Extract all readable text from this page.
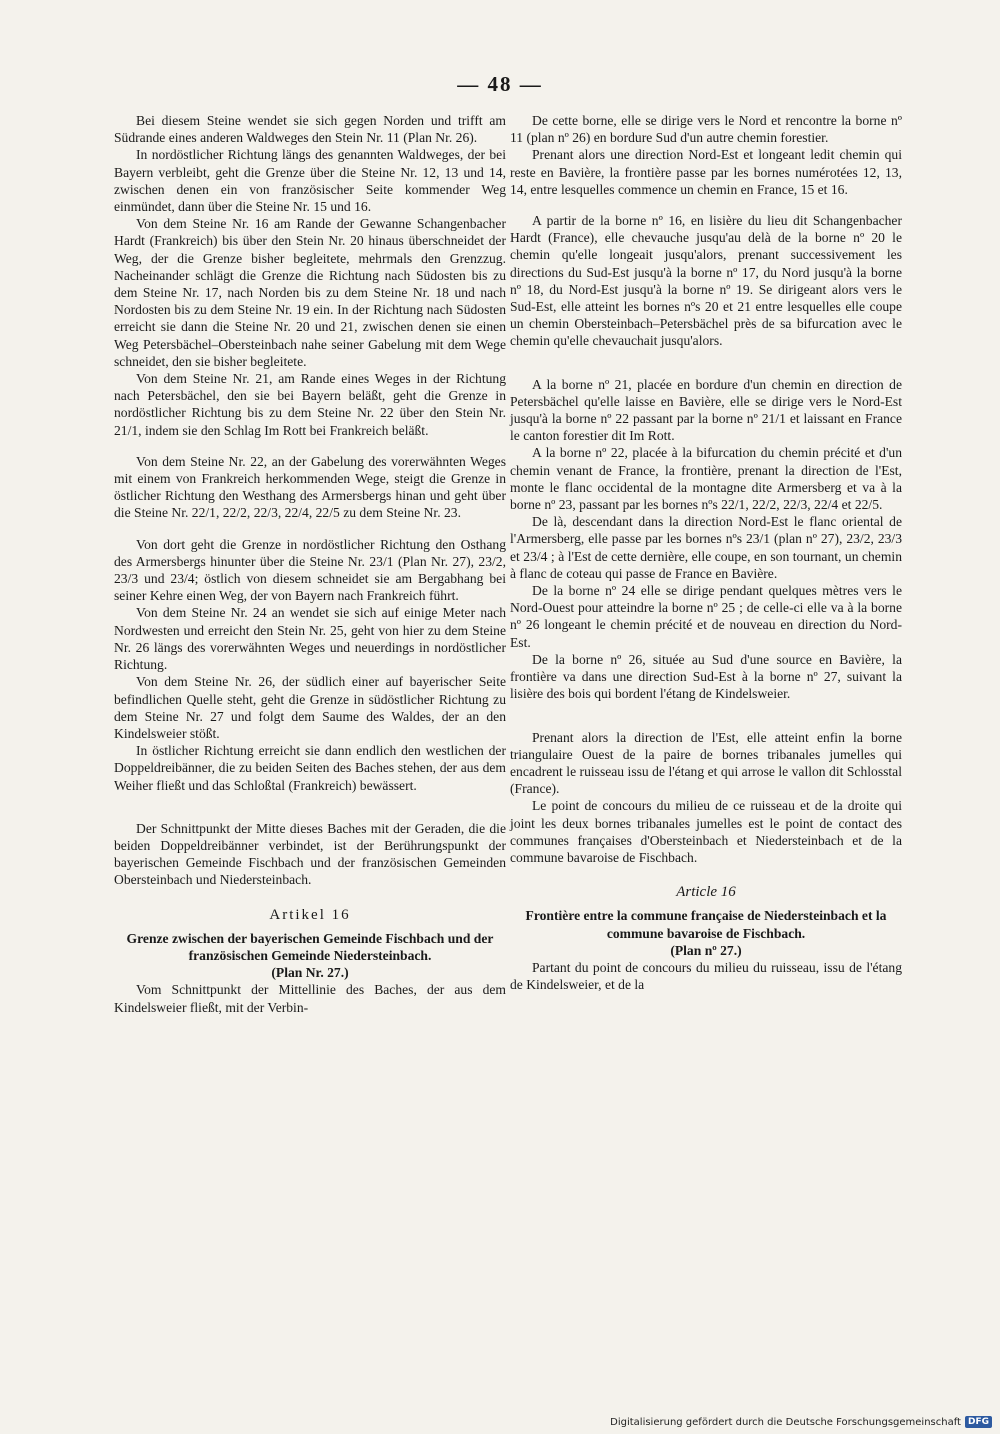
— 48 —

Bei diesem Steine wendet sie sich gegen Norden und trifft am Südrande eines anderen Waldweges den Stein Nr. 11 (Plan Nr. 26).

In nordöstlicher Richtung längs des genannten Waldweges, der bei Bayern verbleibt, geht die Grenze über die Steine Nr. 12, 13 und 14, zwischen denen ein von französischer Seite kommender Weg einmündet, dann über die Steine Nr. 15 und 16.

Von dem Steine Nr. 16 am Rande der Gewanne Schangenbacher Hardt (Frankreich) bis über den Stein Nr. 20 hinaus überschneidet der Weg, der die Grenze bisher begleitete, mehrmals den Grenzzug. Nacheinander schlägt die Grenze die Richtung nach Südosten bis zu dem Steine Nr. 17, nach Norden bis zu dem Steine Nr. 18 und nach Nordosten bis zu dem Steine Nr. 19 ein. In der Richtung nach Südosten erreicht sie dann die Steine Nr. 20 und 21, zwischen denen sie einen Weg Petersbächel–Obersteinbach nahe seiner Gabelung mit dem Wege schneidet, den sie bisher begleitete.

Von dem Steine Nr. 21, am Rande eines Weges in der Richtung nach Petersbächel, den sie bei Bayern beläßt, geht die Grenze in nordöstlicher Richtung bis zu dem Steine Nr. 22 über den Stein Nr. 21/1, indem sie den Schlag Im Rott bei Frankreich beläßt.

Von dem Steine Nr. 22, an der Gabelung des vorerwähnten Weges mit einem von Frankreich herkommenden Wege, steigt die Grenze in östlicher Richtung den Westhang des Armersbergs hinan und geht über die Steine Nr. 22/1, 22/2, 22/3, 22/4, 22/5 zu dem Steine Nr. 23.

Von dort geht die Grenze in nordöstlicher Richtung den Osthang des Armersbergs hinunter über die Steine Nr. 23/1 (Plan Nr. 27), 23/2, 23/3 und 23/4; östlich von diesem schneidet sie am Bergabhang bei seiner Kehre einen Weg, der von Bayern nach Frankreich führt.

Von dem Steine Nr. 24 an wendet sie sich auf einige Meter nach Nordwesten und erreicht den Stein Nr. 25, geht von hier zu dem Steine Nr. 26 längs des vorerwähnten Weges und neuerdings in nordöstlicher Richtung.

Von dem Steine Nr. 26, der südlich einer auf bayerischer Seite befindlichen Quelle steht, geht die Grenze in südöstlicher Richtung zu dem Steine Nr. 27 und folgt dem Saume des Waldes, der an den Kindelsweier stößt.

In östlicher Richtung erreicht sie dann endlich den westlichen der Doppeldreibänner, die zu beiden Seiten des Baches stehen, der aus dem Weiher fließt und das Schloßtal (Frankreich) bewässert.

Der Schnittpunkt der Mitte dieses Baches mit der Geraden, die die beiden Doppeldreibänner verbindet, ist der Berührungspunkt der bayerischen Gemeinde Fischbach und der französischen Gemeinden Obersteinbach und Niedersteinbach.

Artikel 16

Grenze zwischen der bayerischen Gemeinde Fischbach und der französischen Gemeinde Niedersteinbach.

(Plan Nr. 27.)

Vom Schnittpunkt der Mittellinie des Baches, der aus dem Kindelsweier fließt, mit der Verbin-

De cette borne, elle se dirige vers le Nord et rencontre la borne nº 11 (plan nº 26) en bordure Sud d'un autre chemin forestier.

Prenant alors une direction Nord-Est et longeant ledit chemin qui reste en Bavière, la frontière passe par les bornes numérotées 12, 13, 14, entre lesquelles commence un chemin en France, 15 et 16.

A partir de la borne nº 16, en lisière du lieu dit Schangenbacher Hardt (France), elle chevauche jusqu'au delà de la borne nº 20 le chemin qu'elle longeait jusqu'alors, prenant successivement les directions du Sud-Est jusqu'à la borne nº 17, du Nord jusqu'à la borne nº 18, du Nord-Est jusqu'à la borne nº 19. Se dirigeant alors vers le Sud-Est, elle atteint les bornes nºs 20 et 21 entre lesquelles elle coupe un chemin Obersteinbach–Petersbächel près de sa bifurcation avec le chemin qu'elle chevauchait jusqu'alors.

A la borne nº 21, placée en bordure d'un chemin en direction de Petersbächel qu'elle laisse en Bavière, elle se dirige vers le Nord-Est jusqu'à la borne nº 22 passant par la borne nº 21/1 et laissant en France le canton forestier dit Im Rott.

A la borne nº 22, placée à la bifurcation du chemin précité et d'un chemin venant de France, la frontière, prenant la direction de l'Est, monte le flanc occidental de la montagne dite Armersberg et va à la borne nº 23, passant par les bornes nºs 22/1, 22/2, 22/3, 22/4 et 22/5.

De là, descendant dans la direction Nord-Est le flanc oriental de l'Armersberg, elle passe par les bornes nºs 23/1 (plan nº 27), 23/2, 23/3 et 23/4 ; à l'Est de cette dernière, elle coupe, en son tournant, un chemin à flanc de coteau qui passe de France en Bavière.

De la borne nº 24 elle se dirige pendant quelques mètres vers le Nord-Ouest pour atteindre la borne nº 25 ; de celle-ci elle va à la borne nº 26 longeant le chemin précité et de nouveau en direction du Nord-Est.

De la borne nº 26, située au Sud d'une source en Bavière, la frontière va dans une direction Sud-Est à la borne nº 27, suivant la lisière des bois qui bordent l'étang de Kindelsweier.

Prenant alors la direction de l'Est, elle atteint enfin la borne triangulaire Ouest de la paire de bornes tribanales jumelles qui encadrent le ruisseau issu de l'étang et qui arrose le vallon dit Schlosstal (France).

Le point de concours du milieu de ce ruisseau et de la droite qui joint les deux bornes tribanales jumelles est le point de contact des communes françaises d'Obersteinbach et Niedersteinbach et de la commune bavaroise de Fischbach.

Article 16

Frontière entre la commune française de Niedersteinbach et la commune bavaroise de Fischbach.

(Plan nº 27.)

Partant du point de concours du milieu du ruisseau, issu de l'étang de Kindelsweier, et de la

Digitalisierung gefördert durch die Deutsche Forschungsgemeinschaft DFG
